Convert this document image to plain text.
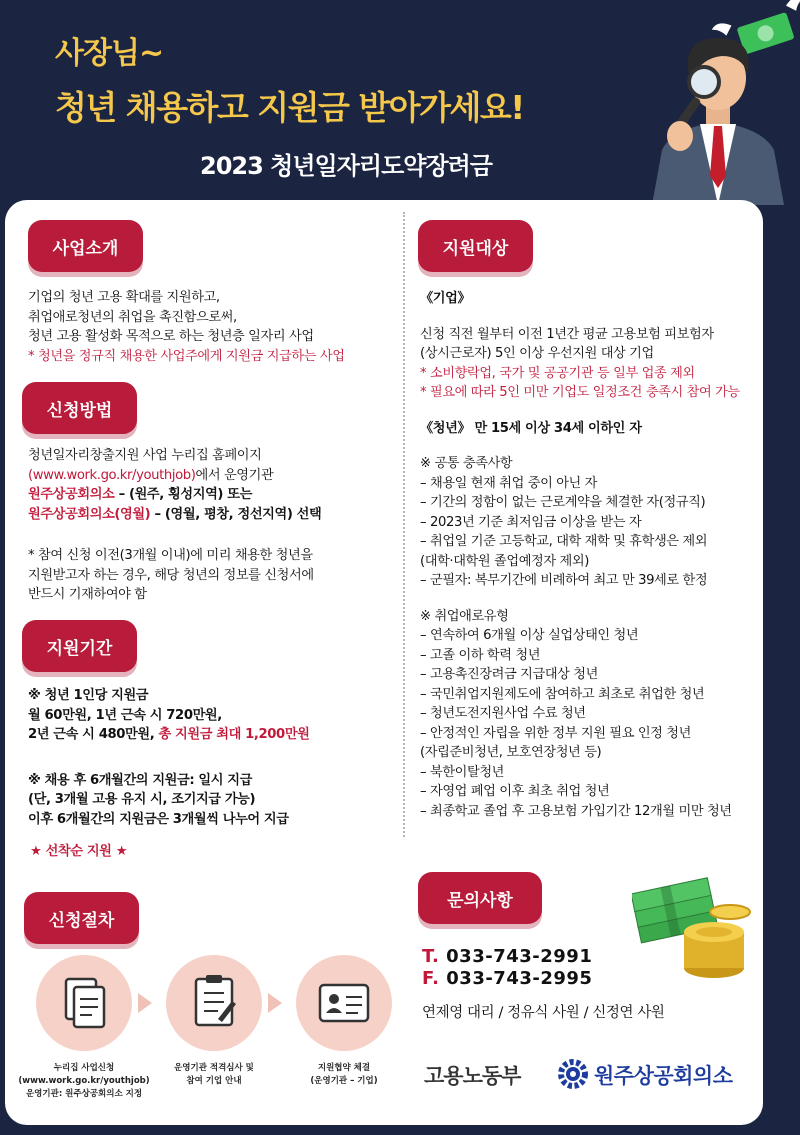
사장님~
청년 채용하고 지원금 받아가세요!
2023 청년일자리도약장려금
사업소개
기업의 청년 고용 확대를 지원하고,
취업애로청년의 취업을 촉진함으로써,
청년 고용 활성화 목적으로 하는 청년층 일자리 사업
* 청년을 정규직 채용한 사업주에게 지원금 지급하는 사업
신청방법
청년일자리창출지원 사업 누리집 홈페이지
(www.work.go.kr/youthjob)에서 운영기관
원주상공회의소 – (원주, 횡성지역) 또는
원주상공회의소(영월) – (영월, 평창, 정선지역) 선택
* 참여 신청 이전(3개월 이내)에 미리 채용한 청년을
지원받고자 하는 경우, 해당 청년의 정보를 신청서에
반드시 기재하여야 함
지원기간
※ 청년 1인당 지원금
월 60만원, 1년 근속 시 720만원,
2년 근속 시 480만원, 총 지원금 최대 1,200만원
※ 채용 후 6개월간의 지원금: 일시 지급
(단, 3개월 고용 유지 시, 조기지급 가능)
이후 6개월간의 지원금은 3개월씩 나누어 지급
★ 선착순 지원 ★
신청절차
누리집 사업신청
(www.work.go.kr/youthjob)
운영기관: 원주상공회의소 지정
운영기관 적격심사 및
참여 기업 안내
지원협약 체결
(운영기관 – 기업)
지원대상
《기업》
신청 직전 월부터 이전 1년간 평균 고용보험 피보험자
(상시근로자) 5인 이상 우선지원 대상 기업
* 소비향락업, 국가 및 공공기관 등 일부 업종 제외
* 필요에 따라 5인 미만 기업도 일정조건 충족시 참여 가능
《청년》 만 15세 이상 34세 이하인 자
※ 공통 충족사항
– 채용일 현재 취업 중이 아닌 자
– 기간의 정함이 없는 근로계약을 체결한 자(정규직)
– 2023년 기준 최저임금 이상을 받는 자
– 취업일 기준 고등학교, 대학 재학 및 휴학생은 제외
(대학·대학원 졸업예정자 제외)
– 군필자: 복무기간에 비례하여 최고 만 39세로 한정
※ 취업애로유형
– 연속하여 6개월 이상 실업상태인 청년
– 고졸 이하 학력 청년
– 고용촉진장려금 지급대상 청년
– 국민취업지원제도에 참여하고 최초로 취업한 청년
– 청년도전지원사업 수료 청년
– 안정적인 자립을 위한 정부 지원 필요 인정 청년
(자립준비청년, 보호연장청년 등)
– 북한이탈청년
– 자영업 폐업 이후 최초 취업 청년
– 최종학교 졸업 후 고용보험 가입기간 12개월 미만 청년
문의사항
T. 033-743-2991
F. 033-743-2995
연제영 대리 / 정유식 사원 / 신정연 사원
고용노동부	원주상공회의소
